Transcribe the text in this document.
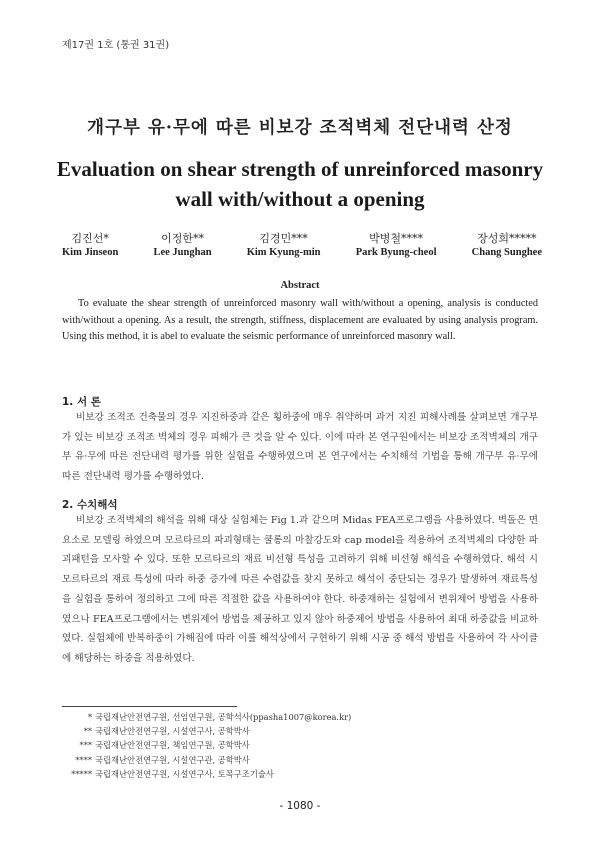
제17권 1호 (통권 31권)
개구부 유·무에 따른 비보강 조적벽체 전단내력 산정
Evaluation on shear strength of unreinforced masonry wall with/without a opening
김진선*
Kim Jinseon
이정한**
Lee Junghan
김경민***
Kim Kyung-min
박병철****
Park Byung-cheol
장성희*****
Chang Sunghee
Abstract
To evaluate the shear strength of unreinforced masonry wall with/without a opening, analysis is conducted with/without a opening. As a result, the strength, stiffness, displacement are evaluated by using analysis program. Using this method, it is abel to evaluate the seismic performance of unreinforced masonry wall.
1. 서 론
비보강 조적조 건축물의 경우 지진하중과 같은 횡하중에 매우 취약하며 과거 지진 피해사례를 살펴보면 개구부가 있는 비보강 조적조 벽체의 경우 피해가 큰 것을 알 수 있다. 이에 따라 본 연구원에서는 비보강 조적벽체의 개구부 유·무에 따른 전단내력 평가를 위한 실험을 수행하였으며 본 연구에서는 수치해석 기법을 통해 개구부 유·무에 따른 전단내력 평가를 수행하였다.
2. 수치해석
비보강 조적벽체의 해석을 위해 대상 실험체는 Fig 1.과 같으며 Midas FEA프로그램을 사용하였다. 벽돌은 면요소로 모델링 하였으며 모르타르의 파괴형태는 쿨롱의 마찰강도와 cap model을 적용하여 조적벽체의 다양한 파괴패턴을 모사할 수 있다. 또한 모르타르의 재료 비선형 특성을 고려하기 위해 비선형 해석을 수행하였다. 해석 시 모르타르의 재료 특성에 따라 하중 증가에 따른 수렴값을 찾지 못하고 해석이 중단되는 경우가 발생하여 재료특성을 실험을 통하여 정의하고 그에 따른 적절한 값을 사용하여야 한다. 하중재하는 실험에서 변위제어 방법을 사용하였으나 FEA프로그램에서는 변위제어 방법을 제공하고 있지 않아 하중제어 방법을 사용하여 최대 하중값을 비교하였다. 실험체에 반복하중이 가해짐에 따라 이를 해석상에서 구현하기 위해 시공 중 해석 방법을 사용하여 각 사이클에 해당하는 하중을 적용하였다.
* 국립재난안전연구원, 선임연구원, 공학석사(ppasha1007@korea.kr)
** 국립재난안전연구원, 시설연구사, 공학박사
*** 국립재난안전연구원, 책임연구원, 공학박사
**** 국립재난안전연구원, 시설연구관, 공학박사
***** 국립재난안전연구원, 시설연구사, 토목구조기술사
- 1080 -
